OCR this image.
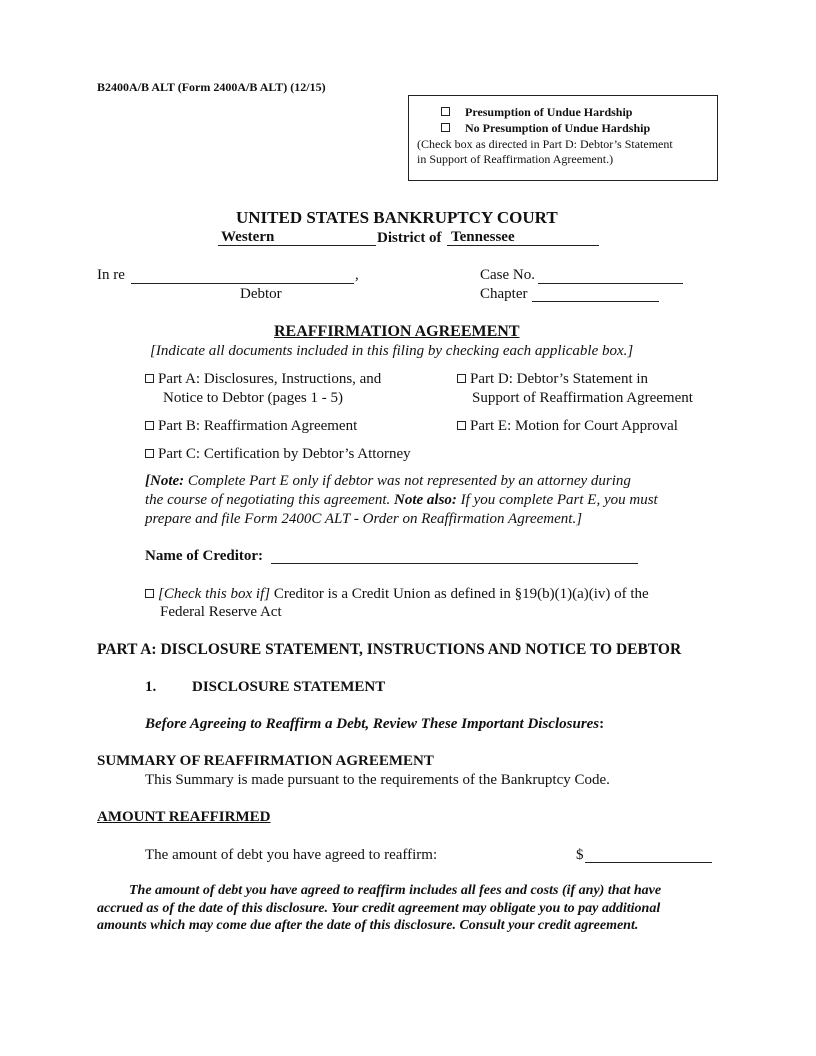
B2400A/B ALT (Form 2400A/B ALT) (12/15)
Presumption of Undue Hardship
No Presumption of Undue Hardship
(Check box as directed in Part D: Debtor’s Statement
in Support of Reaffirmation Agreement.)
UNITED STATES BANKRUPTCY COURT
Western	District of Tennessee
In re	,
Debtor
Case No.
Chapter
REAFFIRMATION AGREEMENT
[Indicate all documents included in this filing by checking each applicable box.]
Part A: Disclosures, Instructions, and
Notice to Debtor (pages 1 - 5)
Part D: Debtor’s Statement in
Support of Reaffirmation Agreement
Part B: Reaffirmation Agreement	Part E: Motion for Court Approval
Part C: Certification by Debtor’s Attorney
[Note: Complete Part E only if debtor was not represented by an attorney during
the course of negotiating this agreement. Note also: If you complete Part E, you must
prepare and file Form 2400C ALT - Order on Reaffirmation Agreement.]
Name of Creditor:
[Check this box if] Creditor is a Credit Union as defined in §19(b)(1)(a)(iv) of the
Federal Reserve Act
PART A: DISCLOSURE STATEMENT, INSTRUCTIONS AND NOTICE TO DEBTOR
1. DISCLOSURE STATEMENT
Before Agreeing to Reaffirm a Debt, Review These Important Disclosures:
SUMMARY OF REAFFIRMATION AGREEMENT
This Summary is made pursuant to the requirements of the Bankruptcy Code.
AMOUNT REAFFIRMED
The amount of debt you have agreed to reaffirm:	$
The amount of debt you have agreed to reaffirm includes all fees and costs (if any) that have
accrued as of the date of this disclosure. Your credit agreement may obligate you to pay additional
amounts which may come due after the date of this disclosure. Consult your credit agreement.
